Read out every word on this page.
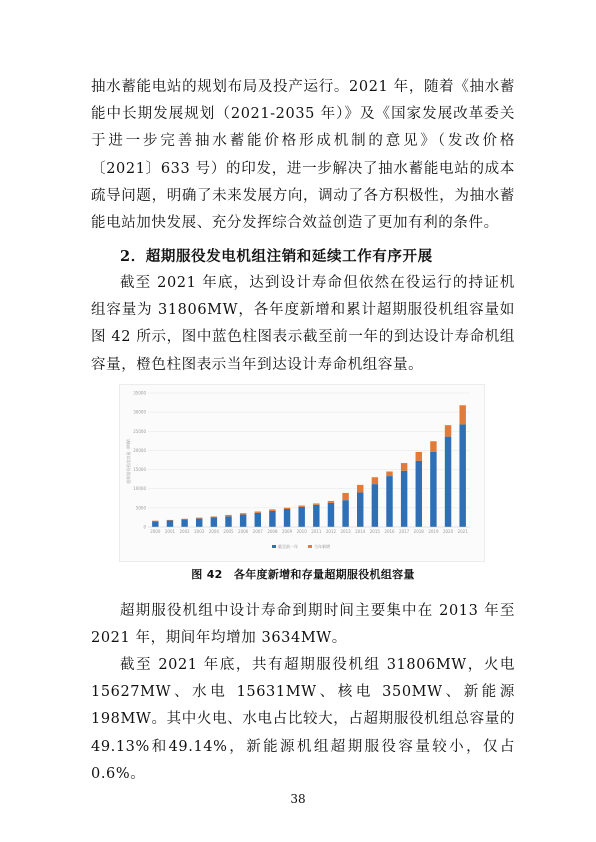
抽水蓄能电站的规划布局及投产运行。2021 年，随着《抽水蓄能中长期发展规划（2021-2035 年）》及《国家发展改革委关于进一步完善抽水蓄能价格形成机制的意见》（发改价格〔2021〕633 号）的印发，进一步解决了抽水蓄能电站的成本疏导问题，明确了未来发展方向，调动了各方积极性，为抽水蓄能电站加快发展、充分发挥综合效益创造了更加有利的条件。
2．超期服役发电机组注销和延续工作有序开展
截至 2021 年底，达到设计寿命但依然在役运行的持证机组容量为 31806MW，各年度新增和累计超期服役机组容量如图 42 所示，图中蓝色柱图表示截至前一年的到达设计寿命机组容量，橙色柱图表示当年到达设计寿命机组容量。
0
5000
10000
15000
20000
25000
30000
35000
超期服役机组容量（MW）
2000 2001 2002 2003 2004 2005 2006 2007 2008 2009 2010 2011 2012 2013 2014 2015 2016 2017 2018 2019 2020 2021
截至前一年	当年新增
图 42　各年度新增和存量超期服役机组容量
超期服役机组中设计寿命到期时间主要集中在 2013 年至 2021 年，期间年均增加 3634MW。
截至 2021 年底，共有超期服役机组 31806MW，火电15627MW、水电 15631MW、核电 350MW、新能源 198MW。其中火电、水电占比较大，占超期服役机组总容量的 49.13%和49.14%，新能源机组超期服役容量较小，仅占 0.6%。
38
